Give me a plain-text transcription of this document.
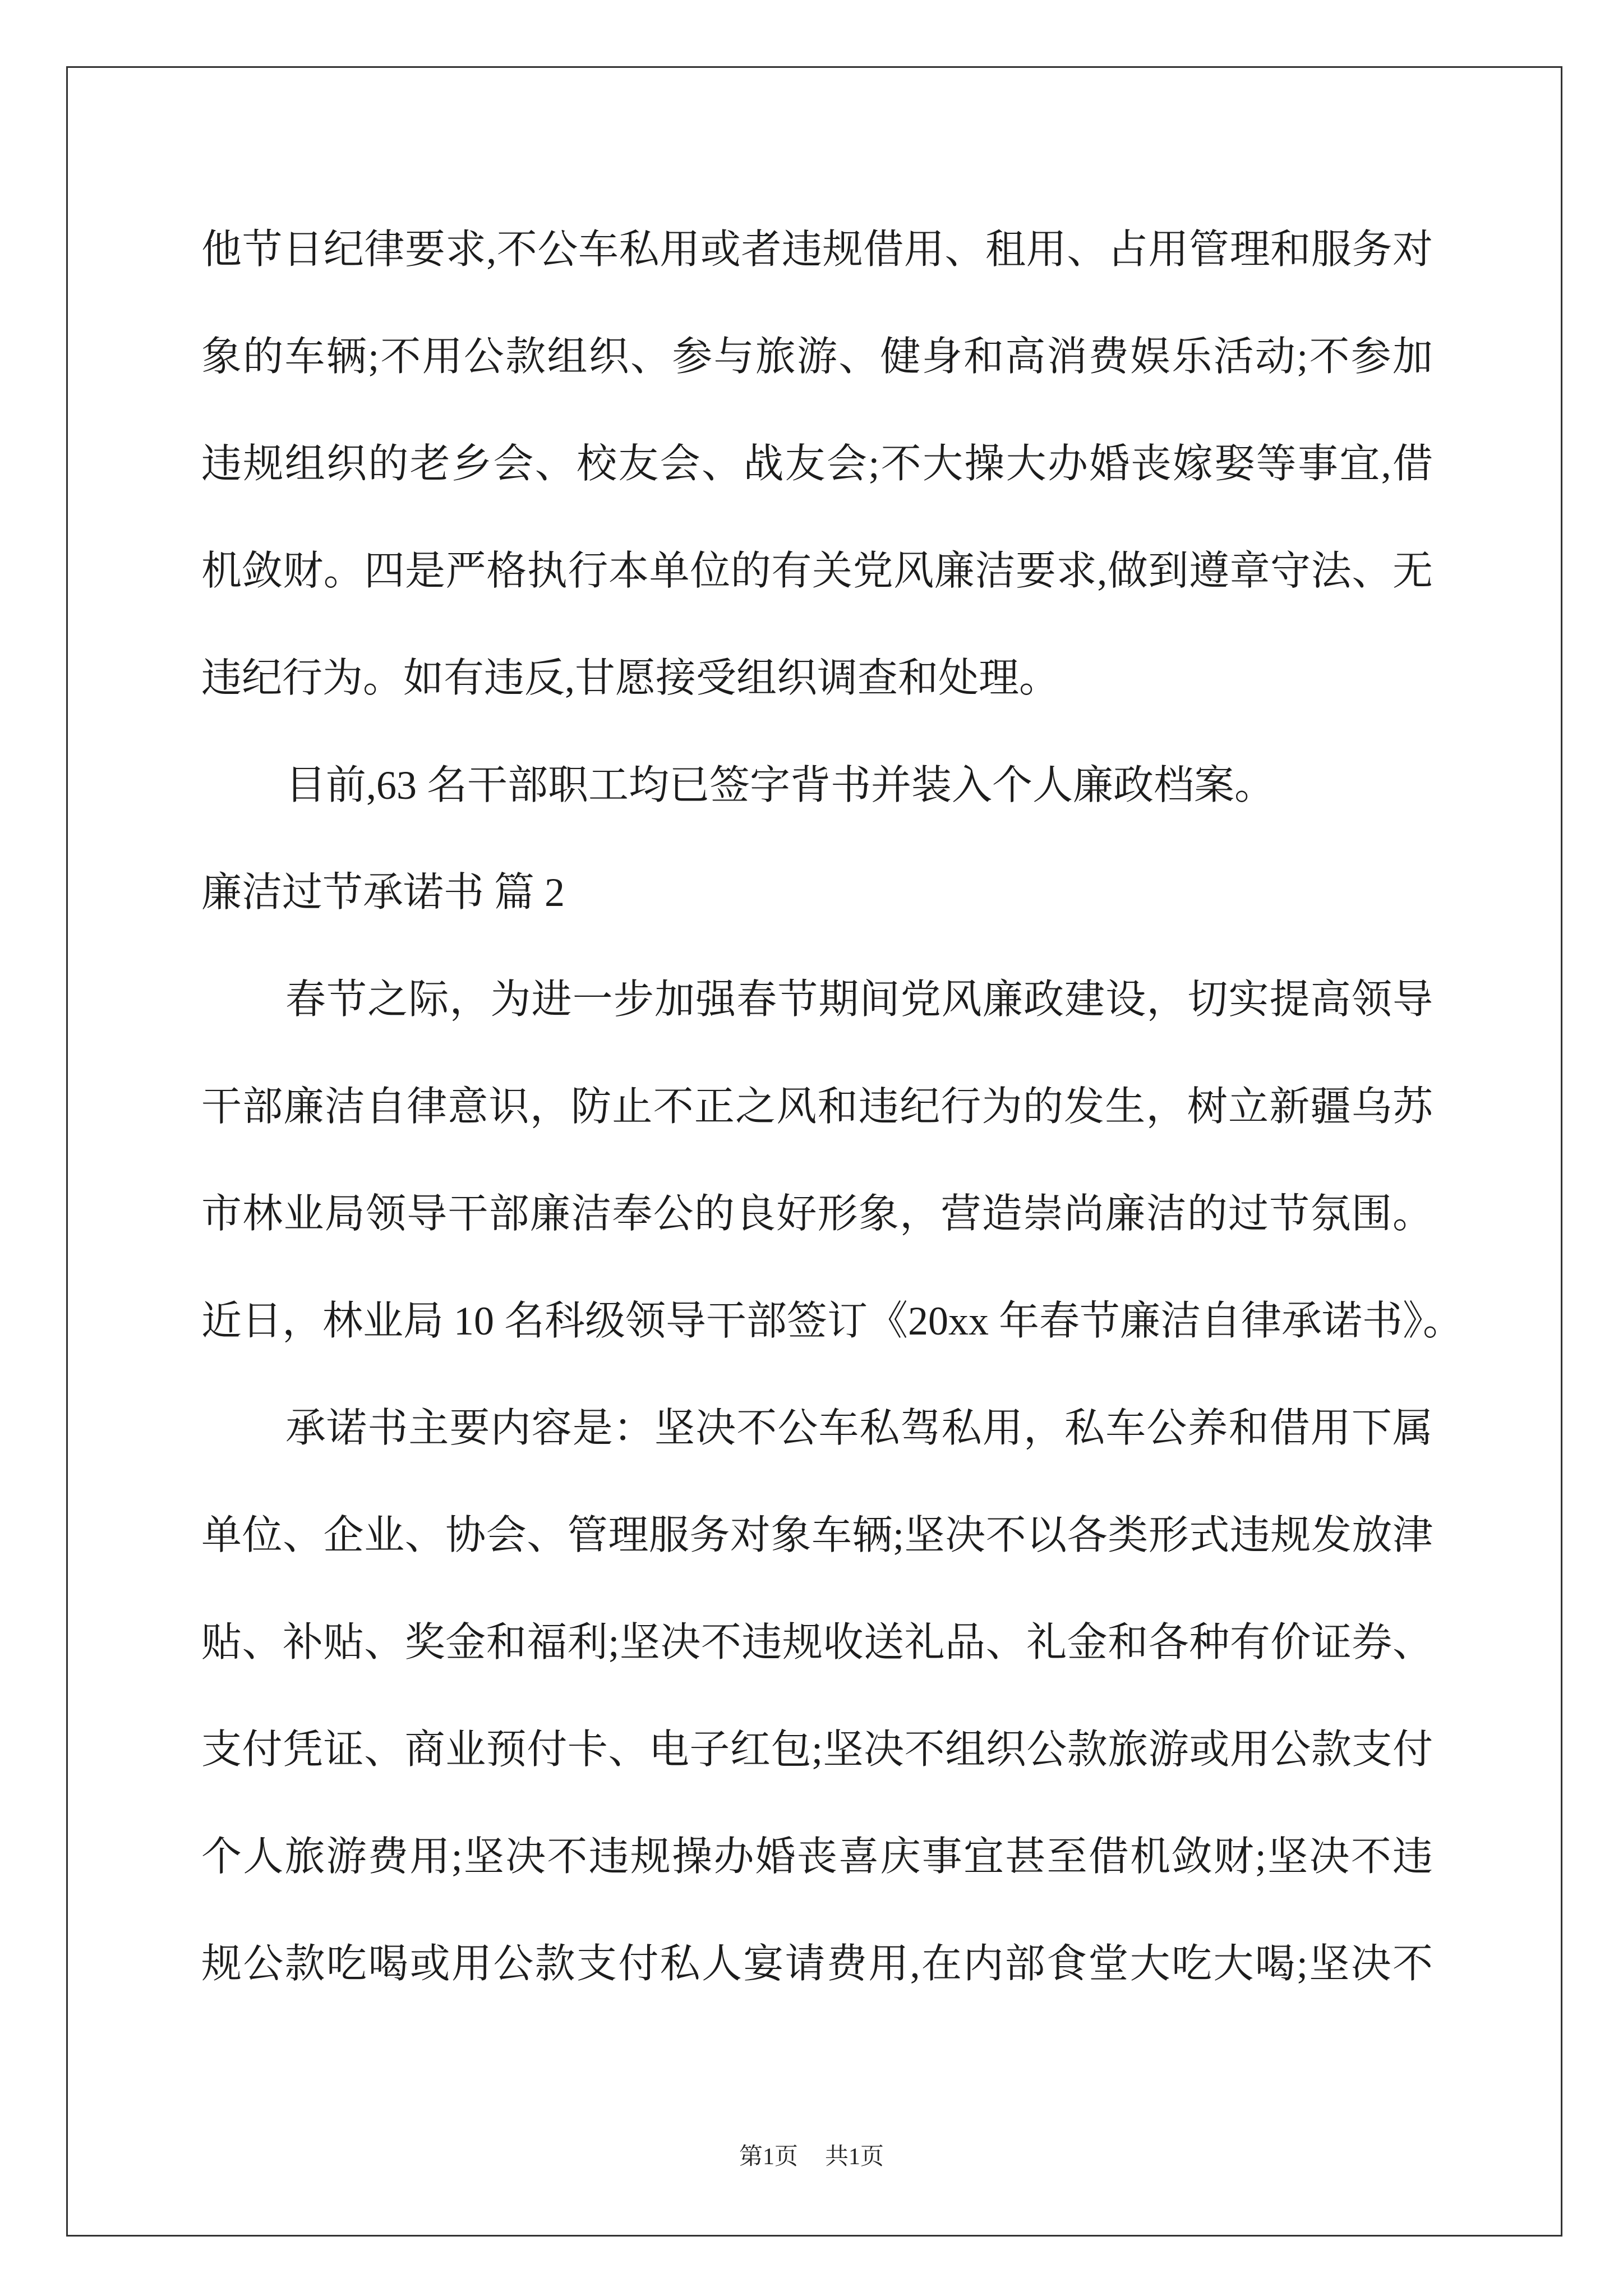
他节日纪律要求,不公车私用或者违规借用、租用、占用管理和服务对
象的车辆;不用公款组织、参与旅游、健身和高消费娱乐活动;不参加
违规组织的老乡会、校友会、战友会;不大操大办婚丧嫁娶等事宜,借
机敛财。四是严格执行本单位的有关党风廉洁要求,做到遵章守法、无
违纪行为。如有违反,甘愿接受组织调查和处理。
目前,63 名干部职工均已签字背书并装入个人廉政档案。
廉洁过节承诺书 篇 2
春节之际，为进一步加强春节期间党风廉政建设，切实提高领导
干部廉洁自律意识，防止不正之风和违纪行为的发生，树立新疆乌苏
市林业局领导干部廉洁奉公的良好形象，营造崇尚廉洁的过节氛围。
近日，林业局 10 名科级领导干部签订《20xx 年春节廉洁自律承诺书》。
承诺书主要内容是：坚决不公车私驾私用，私车公养和借用下属
单位、企业、协会、管理服务对象车辆;坚决不以各类形式违规发放津
贴、补贴、奖金和福利;坚决不违规收送礼品、礼金和各种有价证券、
支付凭证、商业预付卡、电子红包;坚决不组织公款旅游或用公款支付
个人旅游费用;坚决不违规操办婚丧喜庆事宜甚至借机敛财;坚决不违
规公款吃喝或用公款支付私人宴请费用,在内部食堂大吃大喝;坚决不
第1页 共1页
